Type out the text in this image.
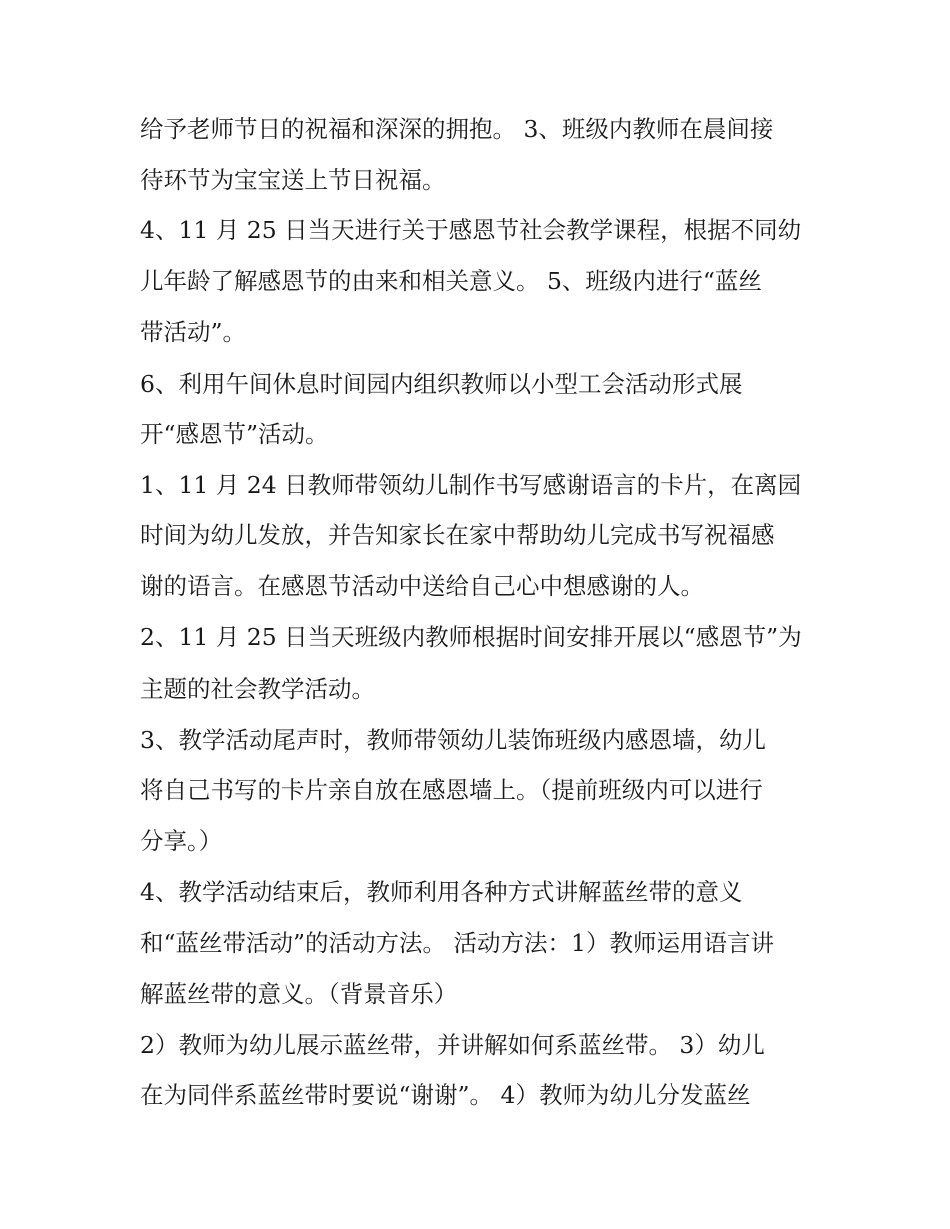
给予老师节日的祝福和深深的拥抱。 3、班级内教师在晨间接
待环节为宝宝送上节日祝福。
4、11 月 25 日当天进行关于感恩节社会教学课程，根据不同幼
儿年龄了解感恩节的由来和相关意义。 5、班级内进行“蓝丝
带活动”。
6、利用午间休息时间园内组织教师以小型工会活动形式展
开“感恩节”活动。
1、11 月 24 日教师带领幼儿制作书写感谢语言的卡片，在离园
时间为幼儿发放，并告知家长在家中帮助幼儿完成书写祝福感
谢的语言。在感恩节活动中送给自己心中想感谢的人。
2、11 月 25 日当天班级内教师根据时间安排开展以“感恩节”为
主题的社会教学活动。
3、教学活动尾声时，教师带领幼儿装饰班级内感恩墙，幼儿
将自己书写的卡片亲自放在感恩墙上。（提前班级内可以进行
分享。）
4、教学活动结束后，教师利用各种方式讲解蓝丝带的意义
和“蓝丝带活动”的活动方法。 活动方法：1）教师运用语言讲
解蓝丝带的意义。（背景音乐）
2）教师为幼儿展示蓝丝带，并讲解如何系蓝丝带。 3）幼儿
在为同伴系蓝丝带时要说“谢谢”。 4）教师为幼儿分发蓝丝
